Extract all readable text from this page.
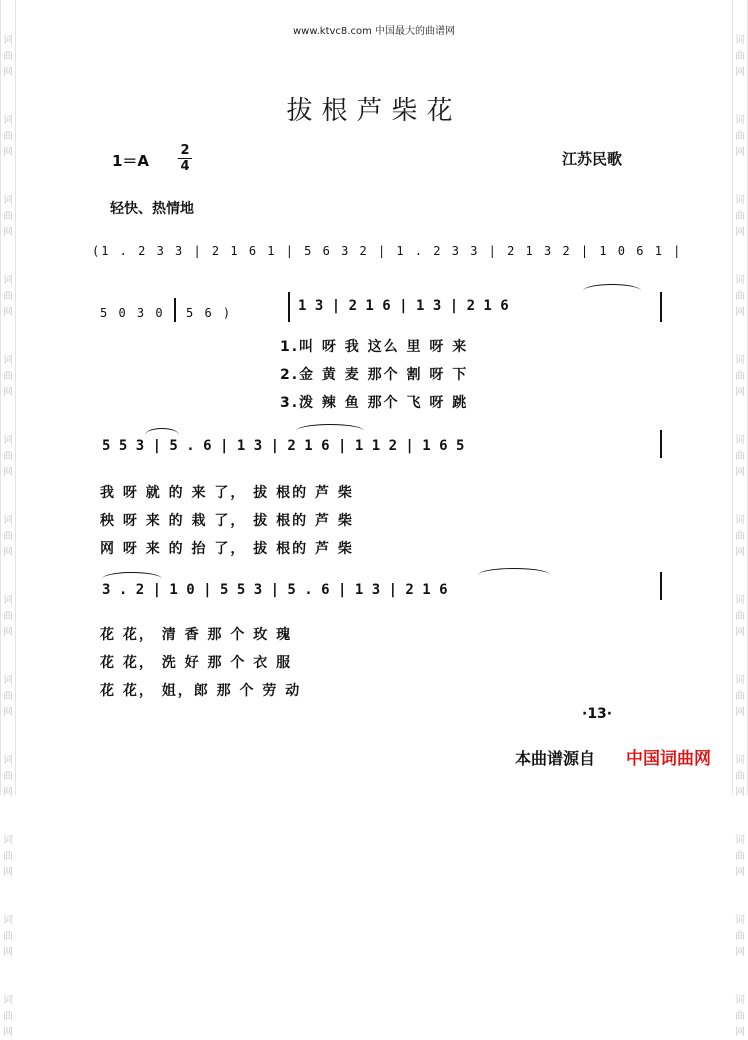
词
曲
网
词
曲
网
词
曲
网
词
曲
网
词
曲
网
词
曲
网
词
曲
网
词
曲
网
词
曲
网
词
曲
网
词
曲
网
词
曲
网
词
曲
网
词
曲
网
词
曲
网
词
曲
网
词
曲
网
词
曲
网
词
曲
网
词
曲
网
词
曲
网
词
曲
网
词
曲
网
词
曲
网
词
曲
网
词
曲
网
www.ktvc8.com 中国最大的曲谱网
拔根芦柴花
1＝A
2
4	江苏民歌
轻快、热情地
(1 . 2 3 3 | 2 1 6 1 | 5 6 3 2 | 1 . 2 3 3 | 2 1 3 2 | 1 0 6 1 |
5 0 3 0 5 6 )	1 3 | 2 1 6 | 1 3 | 2 1 6
1.叫 呀 我 这么 里 呀 来
2.金 黄 麦 那个 割 呀 下
3.泼 辣 鱼 那个 飞 呀 跳
5 5 3 | 5 . 6 | 1 3 | 2 1 6 | 1 1 2 | 1 6 5
我 呀 就 的 来 了， 拔 根的 芦 柴
秧 呀 来 的 栽 了， 拔 根的 芦 柴
网 呀 来 的 抬 了， 拔 根的 芦 柴
3 . 2 | 1 0 | 5 5 3 | 5 . 6 | 1 3 | 2 1 6
花 花， 清 香 那 个 玫 瑰
花 花， 洗 好 那 个 衣 服
花 花， 姐，郎 那 个 劳 动
·13·
本曲谱源自 中国词曲网
